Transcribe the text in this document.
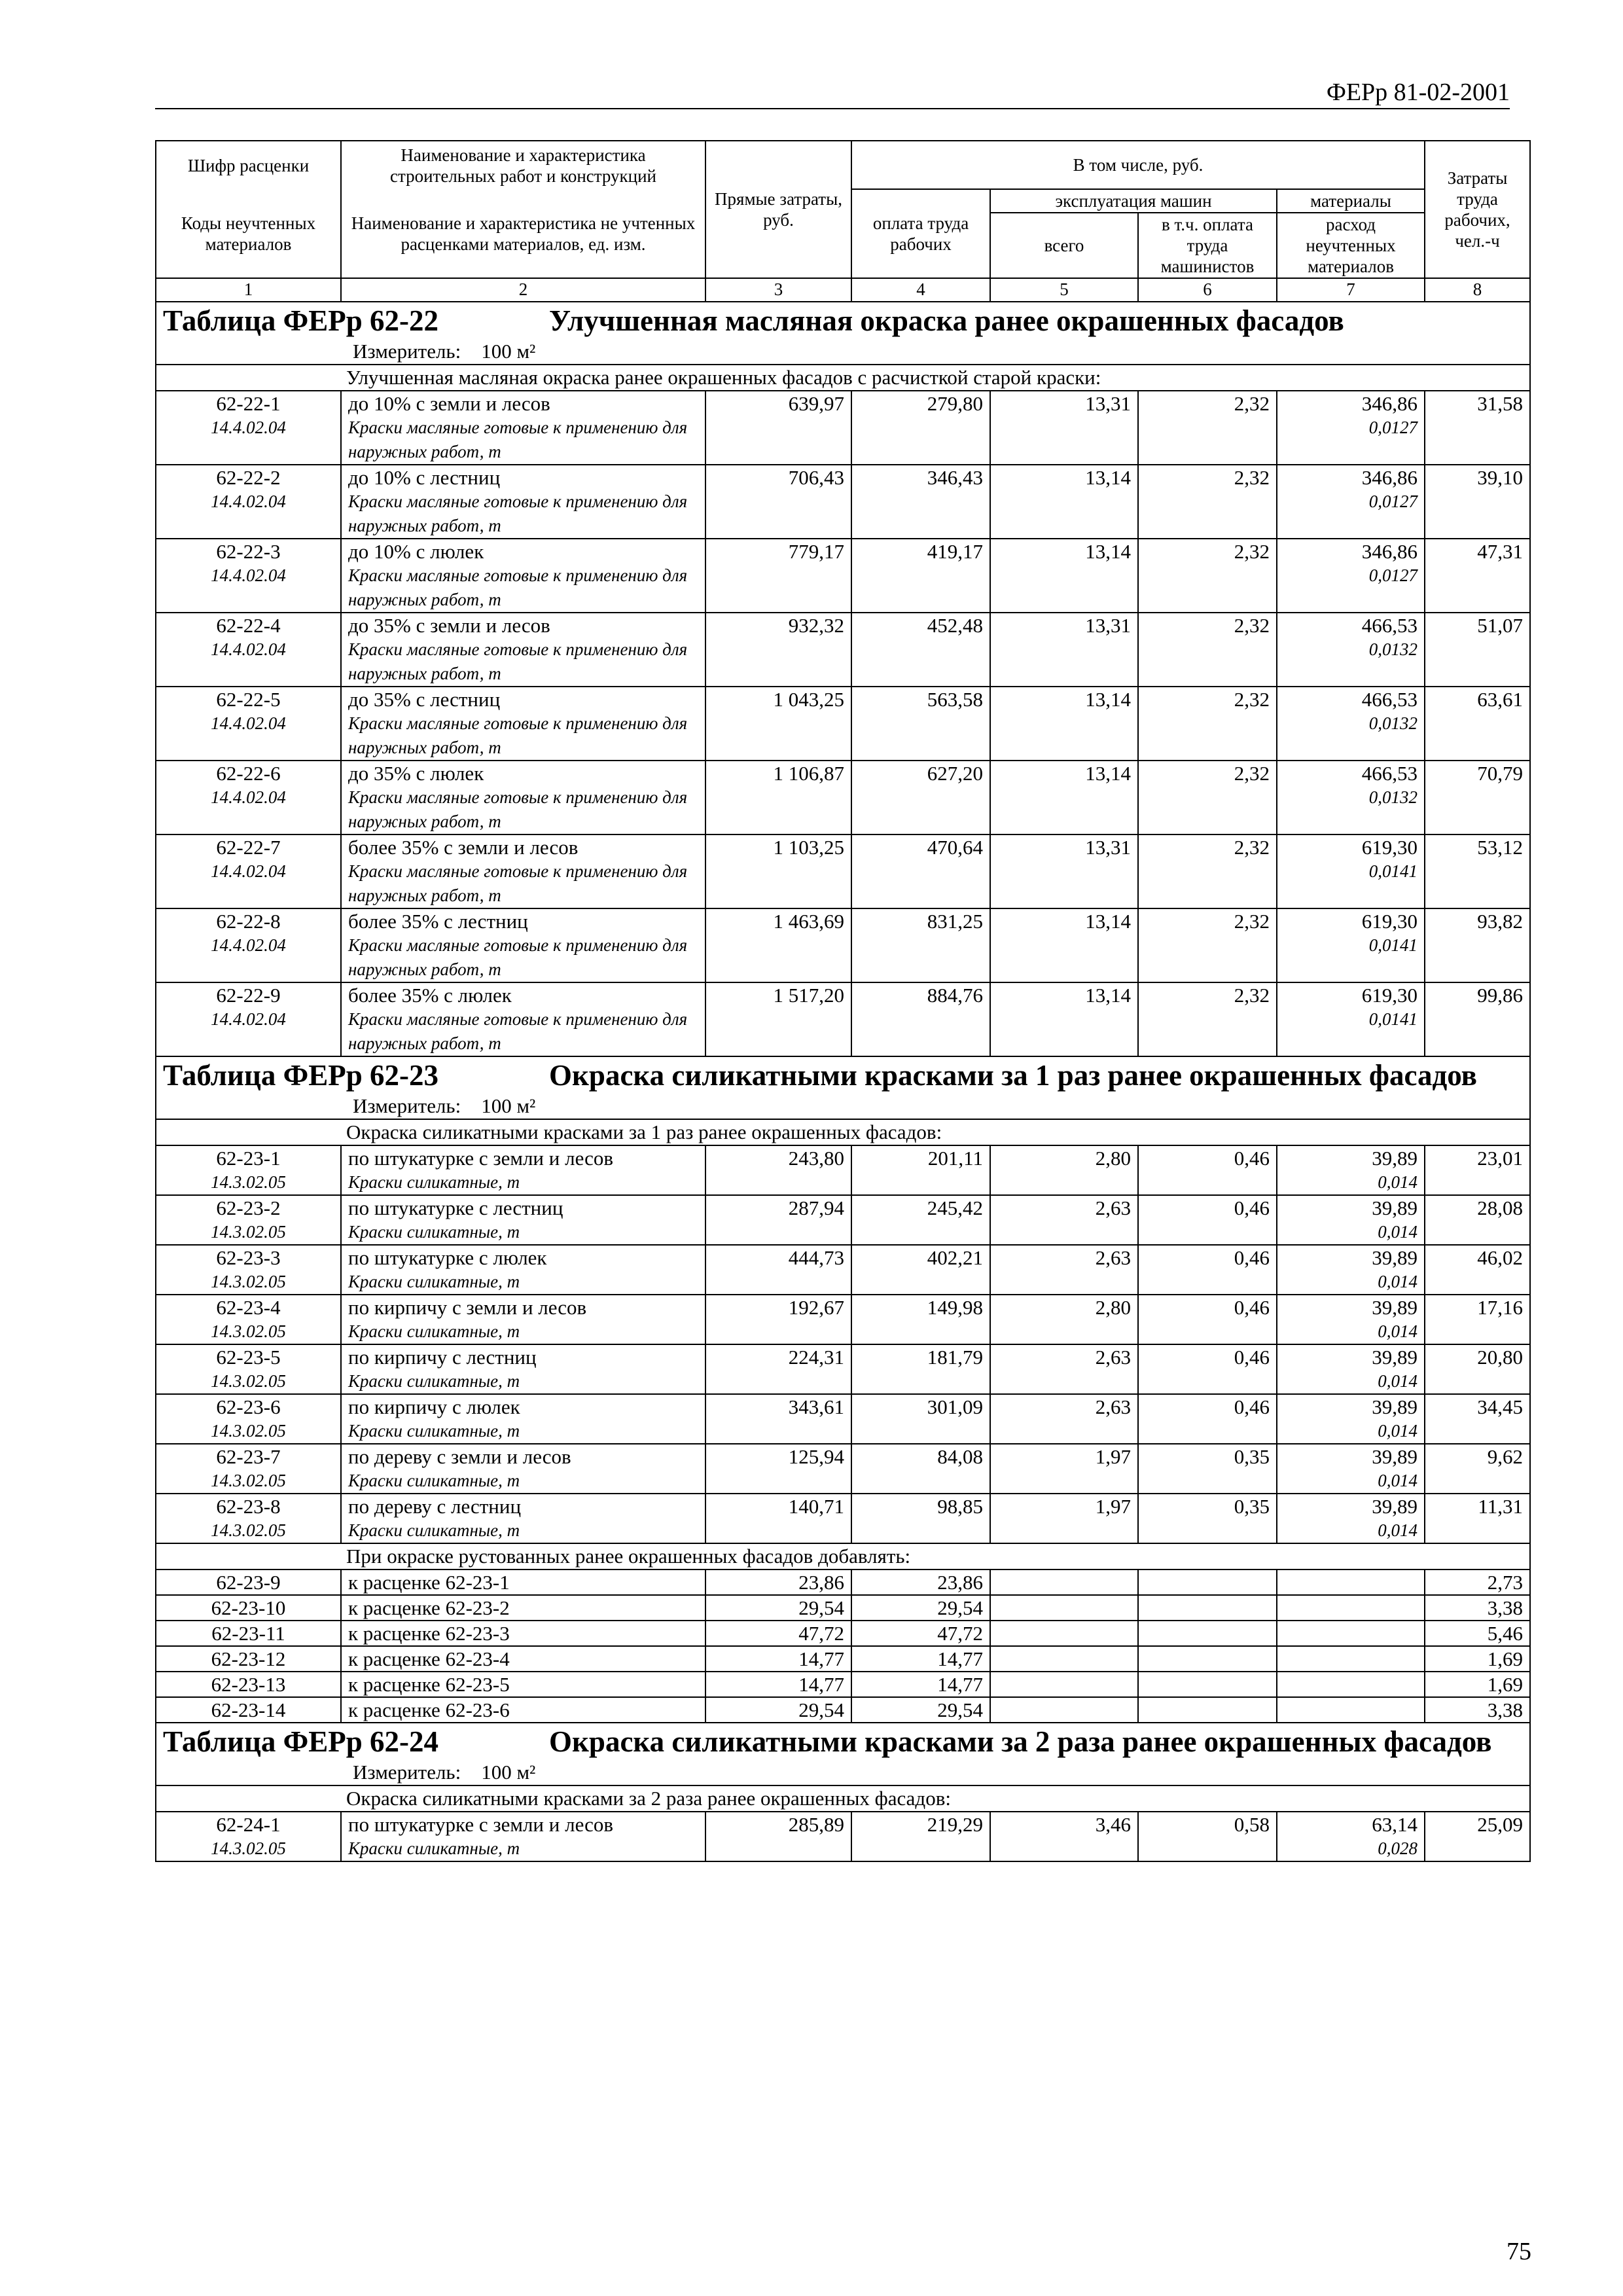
ФЕРр 81-02-2001
Шифр расценки	Наименование и характеристика строительных работ и конструкций	Прямые затраты, руб.	В том числе, руб.				Затраты труда рабочих, чел.-ч
Коды неучтенных материалов	Наименование и характеристика не учтенных расценками материалов, ед. изм.		оплата труда рабочих	эксплуатация машин		материалы	
				всего	в т.ч. оплата труда машинистов	расход неучтенных материалов	
1	2	3	4	5	6	7	8

Таблица ФЕРр 62-22 Улучшенная масляная окраска ранее окрашенных фасадов							

Измеритель: 100 м²							

Улучшенная масляная окраска ранее окрашенных фасадов с расчисткой старой краски:							
62-22-1	до 10% с земли и лесов	639,97	279,80	13,31	2,32	346,86	31,58
14.4.02.04	Краски масляные готовые к применению для наружных работ, т					0,0127	
62-22-2	до 10% с лестниц	706,43	346,43	13,14	2,32	346,86	39,10
14.4.02.04	Краски масляные готовые к применению для наружных работ, т					0,0127	
62-22-3	до 10% с люлек	779,17	419,17	13,14	2,32	346,86	47,31
14.4.02.04	Краски масляные готовые к применению для наружных работ, т					0,0127	
62-22-4	до 35% с земли и лесов	932,32	452,48	13,31	2,32	466,53	51,07
14.4.02.04	Краски масляные готовые к применению для наружных работ, т					0,0132	
62-22-5	до 35% с лестниц	1 043,25	563,58	13,14	2,32	466,53	63,61
14.4.02.04	Краски масляные готовые к применению для наружных работ, т					0,0132	
62-22-6	до 35% с люлек	1 106,87	627,20	13,14	2,32	466,53	70,79
14.4.02.04	Краски масляные готовые к применению для наружных работ, т					0,0132	
62-22-7	более 35% с земли и лесов	1 103,25	470,64	13,31	2,32	619,30	53,12
14.4.02.04	Краски масляные готовые к применению для наружных работ, т					0,0141	
62-22-8	более 35% с лестниц	1 463,69	831,25	13,14	2,32	619,30	93,82
14.4.02.04	Краски масляные готовые к применению для наружных работ, т					0,0141	
62-22-9	более 35% с люлек	1 517,20	884,76	13,14	2,32	619,30	99,86
14.4.02.04	Краски масляные готовые к применению для наружных работ, т					0,0141	

Таблица ФЕРр 62-23 Окраска силикатными красками за 1 раз ранее окрашенных фасадов							

Измеритель: 100 м²							

Окраска силикатными красками за 1 раз ранее окрашенных фасадов:							
62-23-1	по штукатурке с земли и лесов	243,80	201,11	2,80	0,46	39,89	23,01
14.3.02.05	Краски силикатные, т					0,014	
62-23-2	по штукатурке с лестниц	287,94	245,42	2,63	0,46	39,89	28,08
14.3.02.05	Краски силикатные, т					0,014	
62-23-3	по штукатурке с люлек	444,73	402,21	2,63	0,46	39,89	46,02
14.3.02.05	Краски силикатные, т					0,014	
62-23-4	по кирпичу с земли и лесов	192,67	149,98	2,80	0,46	39,89	17,16
14.3.02.05	Краски силикатные, т					0,014	
62-23-5	по кирпичу с лестниц	224,31	181,79	2,63	0,46	39,89	20,80
14.3.02.05	Краски силикатные, т					0,014	
62-23-6	по кирпичу с люлек	343,61	301,09	2,63	0,46	39,89	34,45
14.3.02.05	Краски силикатные, т					0,014	
62-23-7	по дереву с земли и лесов	125,94	84,08	1,97	0,35	39,89	9,62
14.3.02.05	Краски силикатные, т					0,014	
62-23-8	по дереву с лестниц	140,71	98,85	1,97	0,35	39,89	11,31
14.3.02.05	Краски силикатные, т					0,014	
При окраске рустованных ранее окрашенных фасадов добавлять:							
62-23-9	к расценке 62-23-1	23,86	23,86				2,73
62-23-10	к расценке 62-23-2	29,54	29,54				3,38
62-23-11	к расценке 62-23-3	47,72	47,72				5,46
62-23-12	к расценке 62-23-4	14,77	14,77				1,69
62-23-13	к расценке 62-23-5	14,77	14,77				1,69
62-23-14	к расценке 62-23-6	29,54	29,54				3,38

Таблица ФЕРр 62-24 Окраска силикатными красками за 2 раза ранее окрашенных фасадов							

Измеритель: 100 м²							

Окраска силикатными красками за 2 раза ранее окрашенных фасадов:							
62-24-1	по штукатурке с земли и лесов	285,89	219,29	3,46	0,58	63,14	25,09
14.3.02.05	Краски силикатные, т					0,028	
75
